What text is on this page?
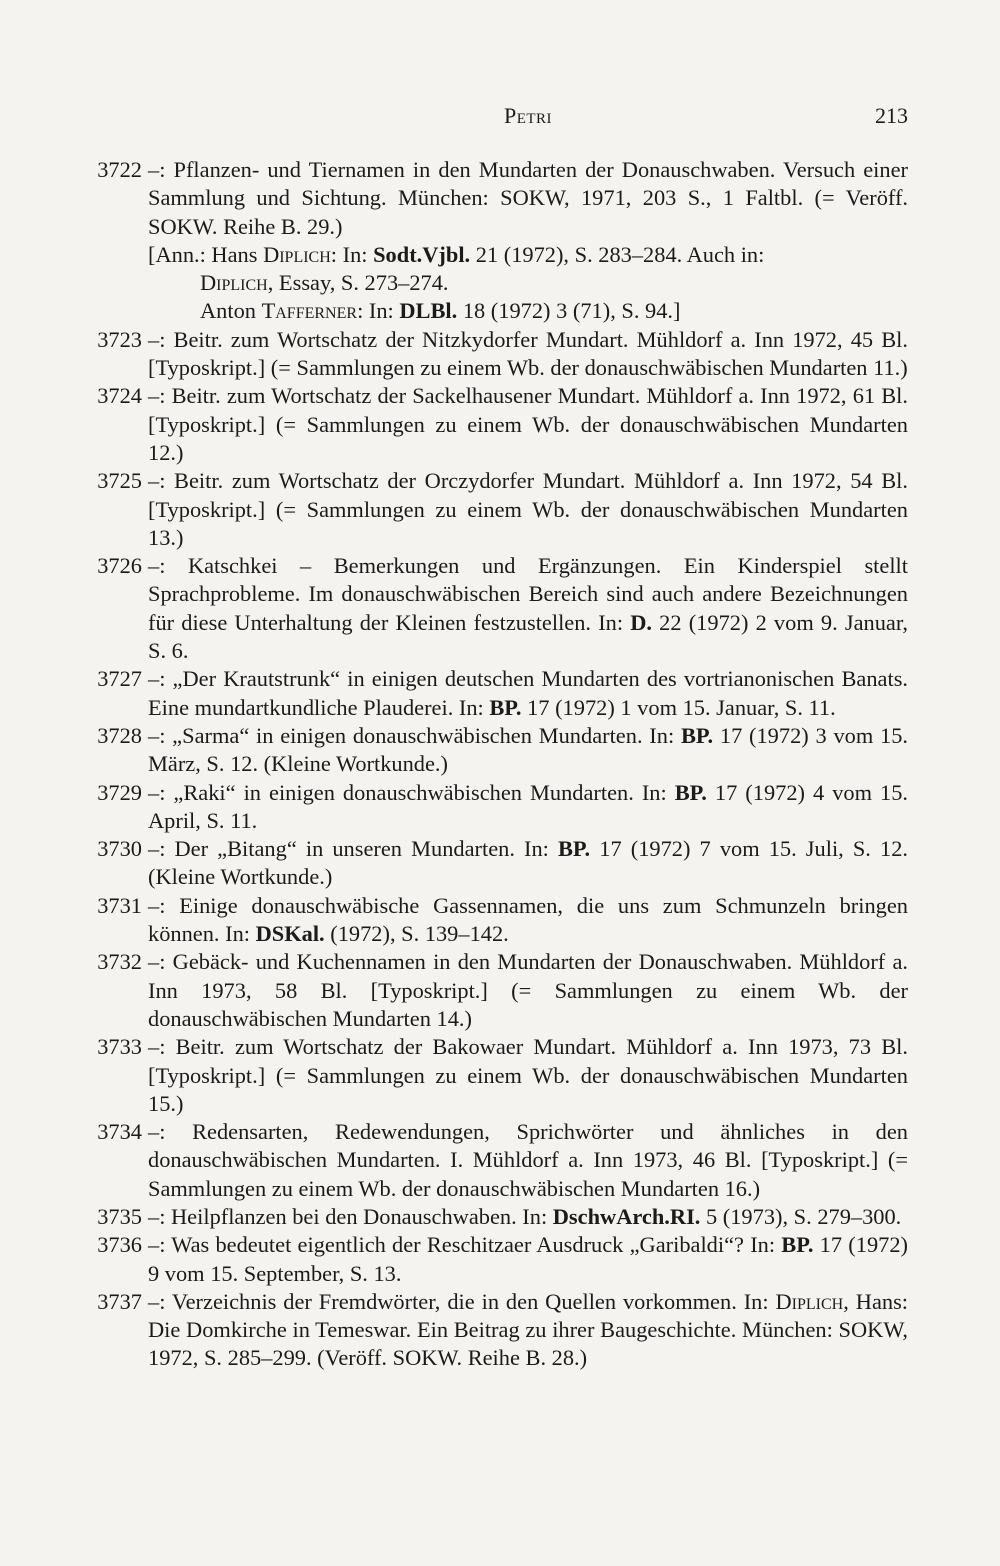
Petri	213

3722 –: Pflanzen- und Tiernamen in den Mundarten der Donauschwaben. Versuch einer Sammlung und Sichtung. München: SOKW, 1971, 203 S., 1 Faltbl. (= Veröff. SOKW. Reihe B. 29.)

[Ann.: Hans Diplich: In: Sodt.Vjbl. 21 (1972), S. 283–284. Auch in:
Diplich, Essay, S. 273–274.
Anton Tafferner: In: DLBl. 18 (1972) 3 (71), S. 94.]

3723 –: Beitr. zum Wortschatz der Nitzkydorfer Mundart. Mühldorf a. Inn 1972, 45 Bl. [Typoskript.] (= Sammlungen zu einem Wb. der donauschwäbischen Mundarten 11.)

3724 –: Beitr. zum Wortschatz der Sackelhausener Mundart. Mühldorf a. Inn 1972, 61 Bl. [Typoskript.] (= Sammlungen zu einem Wb. der donauschwäbischen Mundarten 12.)

3725 –: Beitr. zum Wortschatz der Orczydorfer Mundart. Mühldorf a. Inn 1972, 54 Bl. [Typoskript.] (= Sammlungen zu einem Wb. der donauschwäbischen Mundarten 13.)

3726 –: Katschkei – Bemerkungen und Ergänzungen. Ein Kinderspiel stellt Sprachprobleme. Im donauschwäbischen Bereich sind auch andere Bezeichnungen für diese Unterhaltung der Kleinen festzustellen. In: D. 22 (1972) 2 vom 9. Januar, S. 6.

3727 –: „Der Krautstrunk“ in einigen deutschen Mundarten des vortrianonischen Banats. Eine mundartkundliche Plauderei. In: BP. 17 (1972) 1 vom 15. Januar, S. 11.

3728 –: „Sarma“ in einigen donauschwäbischen Mundarten. In: BP. 17 (1972) 3 vom 15. März, S. 12. (Kleine Wortkunde.)

3729 –: „Raki“ in einigen donauschwäbischen Mundarten. In: BP. 17 (1972) 4 vom 15. April, S. 11.

3730 –: Der „Bitang“ in unseren Mundarten. In: BP. 17 (1972) 7 vom 15. Juli, S. 12. (Kleine Wortkunde.)

3731 –: Einige donauschwäbische Gassennamen, die uns zum Schmunzeln bringen können. In: DSKal. (1972), S. 139–142.

3732 –: Gebäck- und Kuchennamen in den Mundarten der Donauschwaben. Mühldorf a. Inn 1973, 58 Bl. [Typoskript.] (= Sammlungen zu einem Wb. der donauschwäbischen Mundarten 14.)

3733 –: Beitr. zum Wortschatz der Bakowaer Mundart. Mühldorf a. Inn 1973, 73 Bl. [Typoskript.] (= Sammlungen zu einem Wb. der donauschwäbischen Mundarten 15.)

3734 –: Redensarten, Redewendungen, Sprichwörter und ähnliches in den donauschwäbischen Mundarten. I. Mühldorf a. Inn 1973, 46 Bl. [Typoskript.] (= Sammlungen zu einem Wb. der donauschwäbischen Mundarten 16.)

3735 –: Heilpflanzen bei den Donauschwaben. In: DschwArch.RI. 5 (1973), S. 279–300.

3736 –: Was bedeutet eigentlich der Reschitzaer Ausdruck „Garibaldi“? In: BP. 17 (1972) 9 vom 15. September, S. 13.

3737 –: Verzeichnis der Fremdwörter, die in den Quellen vorkommen. In: Diplich, Hans: Die Domkirche in Temeswar. Ein Beitrag zu ihrer Baugeschichte. München: SOKW, 1972, S. 285–299. (Veröff. SOKW. Reihe B. 28.)
